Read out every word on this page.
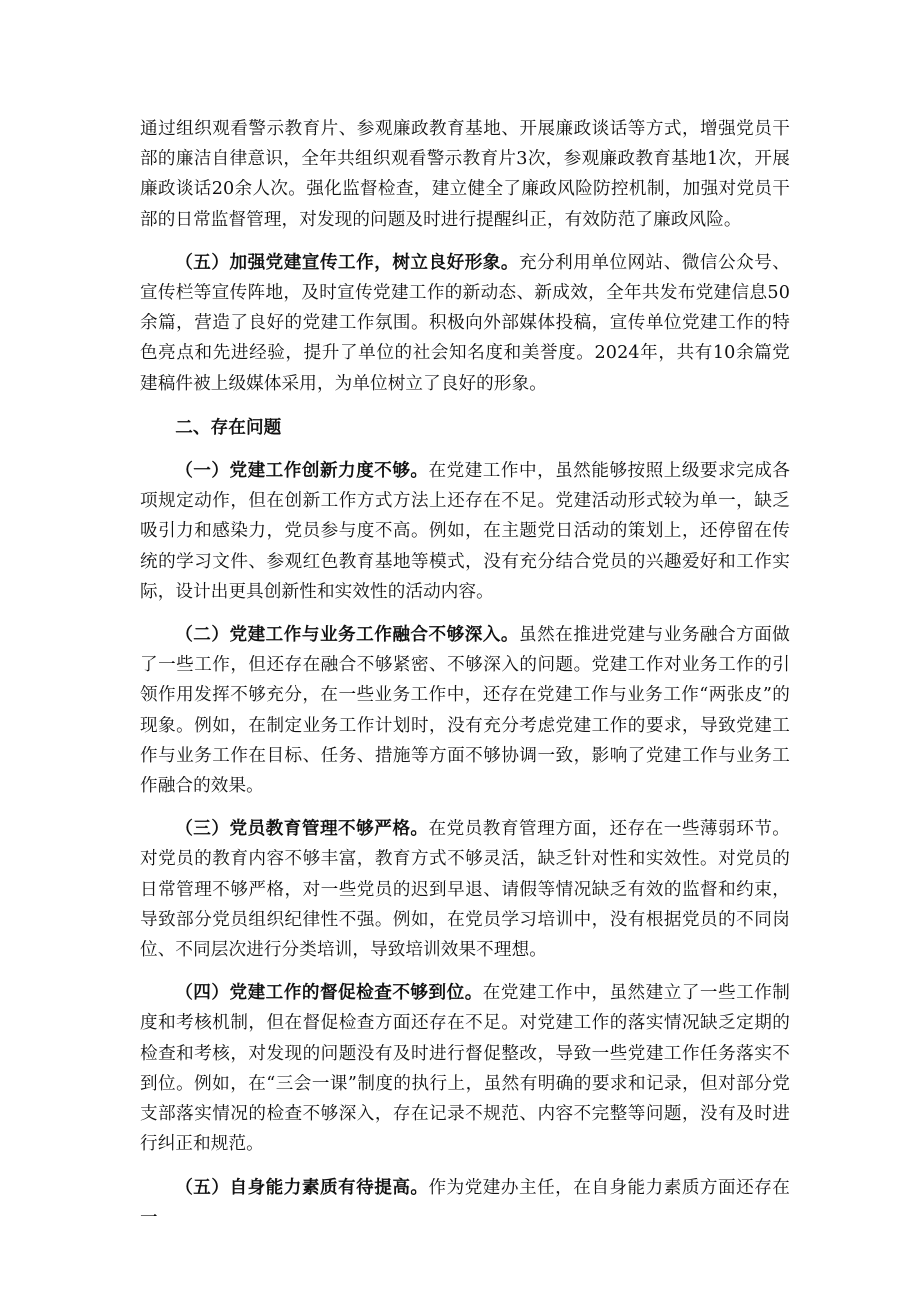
通过组织观看警示教育片、参观廉政教育基地、开展廉政谈话等方式，增强党员干部的廉洁自律意识，全年共组织观看警示教育片3次，参观廉政教育基地1次，开展廉政谈话20余人次。强化监督检查，建立健全了廉政风险防控机制，加强对党员干部的日常监督管理，对发现的问题及时进行提醒纠正，有效防范了廉政风险。

（五）加强党建宣传工作，树立良好形象。充分利用单位网站、微信公众号、宣传栏等宣传阵地，及时宣传党建工作的新动态、新成效，全年共发布党建信息50余篇，营造了良好的党建工作氛围。积极向外部媒体投稿，宣传单位党建工作的特色亮点和先进经验，提升了单位的社会知名度和美誉度。2024年，共有10余篇党建稿件被上级媒体采用，为单位树立了良好的形象。

二、存在问题

（一）党建工作创新力度不够。在党建工作中，虽然能够按照上级要求完成各项规定动作，但在创新工作方式方法上还存在不足。党建活动形式较为单一，缺乏吸引力和感染力，党员参与度不高。例如，在主题党日活动的策划上，还停留在传统的学习文件、参观红色教育基地等模式，没有充分结合党员的兴趣爱好和工作实际，设计出更具创新性和实效性的活动内容。

（二）党建工作与业务工作融合不够深入。虽然在推进党建与业务融合方面做了一些工作，但还存在融合不够紧密、不够深入的问题。党建工作对业务工作的引领作用发挥不够充分，在一些业务工作中，还存在党建工作与业务工作“两张皮”的现象。例如，在制定业务工作计划时，没有充分考虑党建工作的要求，导致党建工作与业务工作在目标、任务、措施等方面不够协调一致，影响了党建工作与业务工作融合的效果。

（三）党员教育管理不够严格。在党员教育管理方面，还存在一些薄弱环节。对党员的教育内容不够丰富，教育方式不够灵活，缺乏针对性和实效性。对党员的日常管理不够严格，对一些党员的迟到早退、请假等情况缺乏有效的监督和约束，导致部分党员组织纪律性不强。例如，在党员学习培训中，没有根据党员的不同岗位、不同层次进行分类培训，导致培训效果不理想。

（四）党建工作的督促检查不够到位。在党建工作中，虽然建立了一些工作制度和考核机制，但在督促检查方面还存在不足。对党建工作的落实情况缺乏定期的检查和考核，对发现的问题没有及时进行督促整改，导致一些党建工作任务落实不到位。例如，在“三会一课”制度的执行上，虽然有明确的要求和记录，但对部分党支部落实情况的检查不够深入，存在记录不规范、内容不完整等问题，没有及时进行纠正和规范。

（五）自身能力素质有待提高。作为党建办主任，在自身能力素质方面还存在一
